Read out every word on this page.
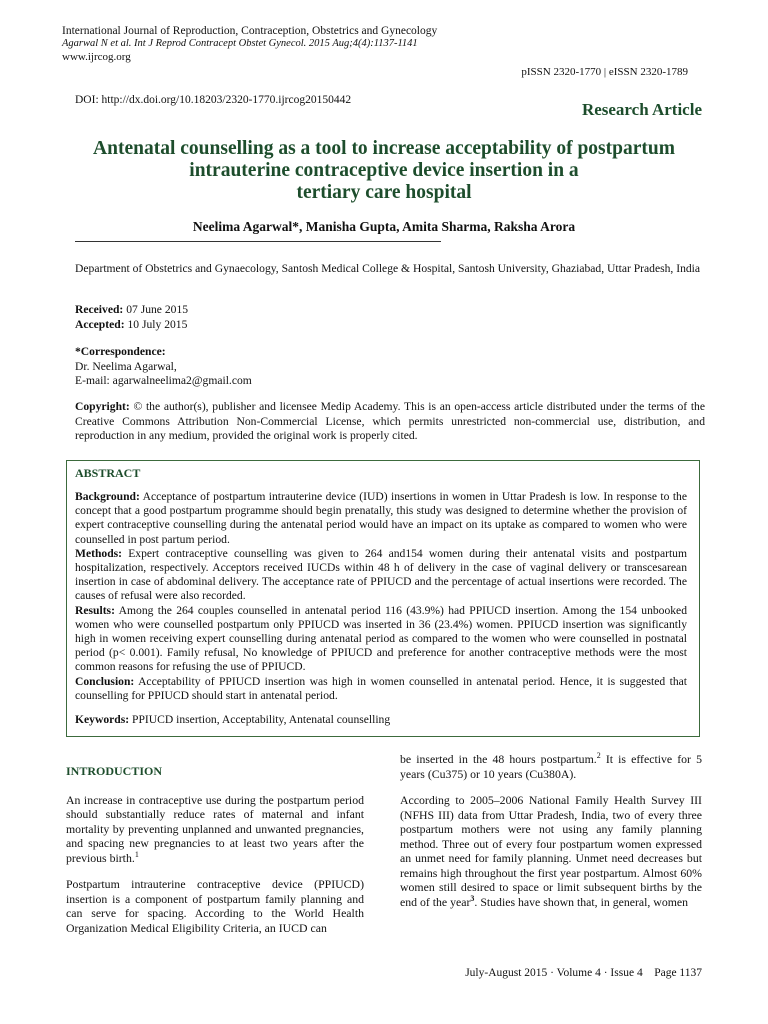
International Journal of Reproduction, Contraception, Obstetrics and Gynecology
Agarwal N et al. Int J Reprod Contracept Obstet Gynecol. 2015 Aug;4(4):1137-1141
www.ijrcog.org
pISSN 2320-1770 | eISSN 2320-1789
DOI: http://dx.doi.org/10.18203/2320-1770.ijrcog20150442	Research Article
Antenatal counselling as a tool to increase acceptability of postpartum
intrauterine contraceptive device insertion in a
tertiary care hospital
Neelima Agarwal*, Manisha Gupta, Amita Sharma, Raksha Arora
Department of Obstetrics and Gynaecology, Santosh Medical College & Hospital, Santosh University, Ghaziabad, Uttar Pradesh, India

Received: 07 June 2015

Accepted: 10 July 2015

*Correspondence:

Dr. Neelima Agarwal,

E-mail: agarwalneelima2@gmail.com

Copyright: © the author(s), publisher and licensee Medip Academy. This is an open-access article distributed under the terms of the Creative Commons Attribution Non-Commercial License, which permits unrestricted non-commercial use, distribution, and reproduction in any medium, provided the original work is properly cited.
ABSTRACT

Background: Acceptance of postpartum intrauterine device (IUD) insertions in women in Uttar Pradesh is low. In response to the concept that a good postpartum programme should begin prenatally, this study was designed to determine whether the provision of expert contraceptive counselling during the antenatal period would have an impact on its uptake as compared to women who were counselled in post partum period.

Methods: Expert contraceptive counselling was given to 264 and154 women during their antenatal visits and postpartum hospitalization, respectively. Acceptors received IUCDs within 48 h of delivery in the case of vaginal delivery or transcesarean insertion in case of abdominal delivery. The acceptance rate of PPIUCD and the percentage of actual insertions were recorded. The causes of refusal were also recorded.

Results: Among the 264 couples counselled in antenatal period 116 (43.9%) had PPIUCD insertion. Among the 154 unbooked women who were counselled postpartum only PPIUCD was inserted in 36 (23.4%) women. PPIUCD insertion was significantly high in women receiving expert counselling during antenatal period as compared to the women who were counselled in postnatal period (p< 0.001). Family refusal, No knowledge of PPIUCD and preference for another contraceptive methods were the most common reasons for refusing the use of PPIUCD.

Conclusion: Acceptability of PPIUCD insertion was high in women counselled in antenatal period. Hence, it is suggested that counselling for PPIUCD should start in antenatal period.

Keywords: PPIUCD insertion, Acceptability, Antenatal counselling

INTRODUCTION

An increase in contraceptive use during the postpartum period should substantially reduce rates of maternal and infant mortality by preventing unplanned and unwanted pregnancies, and spacing new pregnancies to at least two years after the previous birth.$^1$

Postpartum intrauterine contraceptive device (PPIUCD) insertion is a component of postpartum family planning and can serve for spacing. According to the World Health Organization Medical Eligibility Criteria, an IUCD can

be inserted in the 48 hours postpartum.$^2$ It is effective for 5 years (Cu375) or 10 years (Cu380A).

According to 2005–2006 National Family Health Survey III (NFHS III) data from Uttar Pradesh, India, two of every three postpartum mothers were not using any family planning method. Three out of every four postpartum women expressed an unmet need for family planning. Unmet need decreases but remains high throughout the first year postpartum. Almost 60% women still desired to space or limit subsequent births by the end of the year$^3$. Studies have shown that, in general, women

July-August 2015 · Volume 4 · Issue 4    Page 1137
